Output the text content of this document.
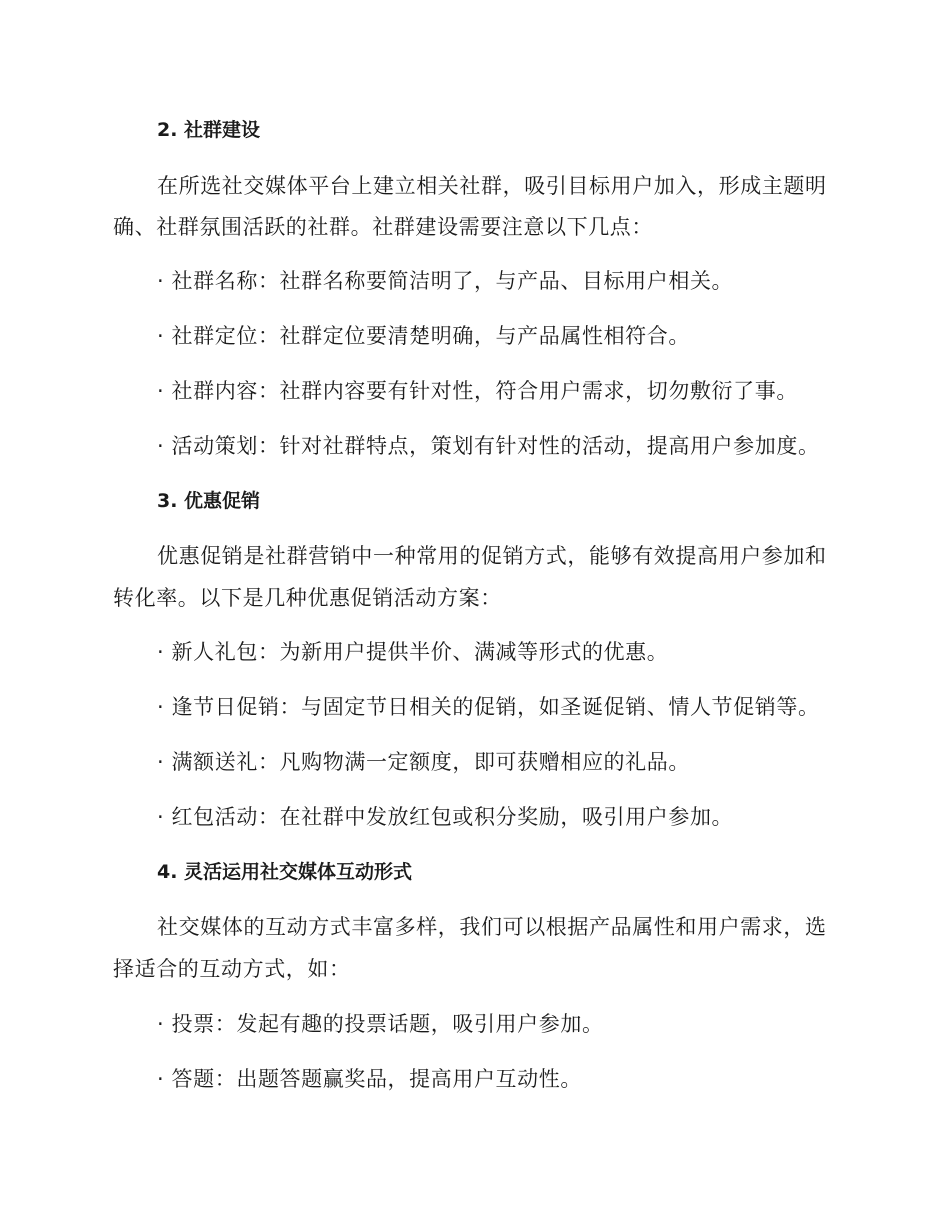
2. 社群建设
在所选社交媒体平台上建立相关社群，吸引目标用户加入，形成主题明
确、社群氛围活跃的社群。社群建设需要注意以下几点：
· 社群名称：社群名称要简洁明了，与产品、目标用户相关。
· 社群定位：社群定位要清楚明确，与产品属性相符合。
· 社群内容：社群内容要有针对性，符合用户需求，切勿敷衍了事。
· 活动策划：针对社群特点，策划有针对性的活动，提高用户参加度。
3. 优惠促销
优惠促销是社群营销中一种常用的促销方式，能够有效提高用户参加和
转化率。以下是几种优惠促销活动方案：
· 新人礼包：为新用户提供半价、满减等形式的优惠。
· 逢节日促销：与固定节日相关的促销，如圣诞促销、情人节促销等。
· 满额送礼：凡购物满一定额度，即可获赠相应的礼品。
· 红包活动：在社群中发放红包或积分奖励，吸引用户参加。
4. 灵活运用社交媒体互动形式
社交媒体的互动方式丰富多样，我们可以根据产品属性和用户需求，选
择适合的互动方式，如：
· 投票：发起有趣的投票话题，吸引用户参加。
· 答题：出题答题赢奖品，提高用户互动性。
